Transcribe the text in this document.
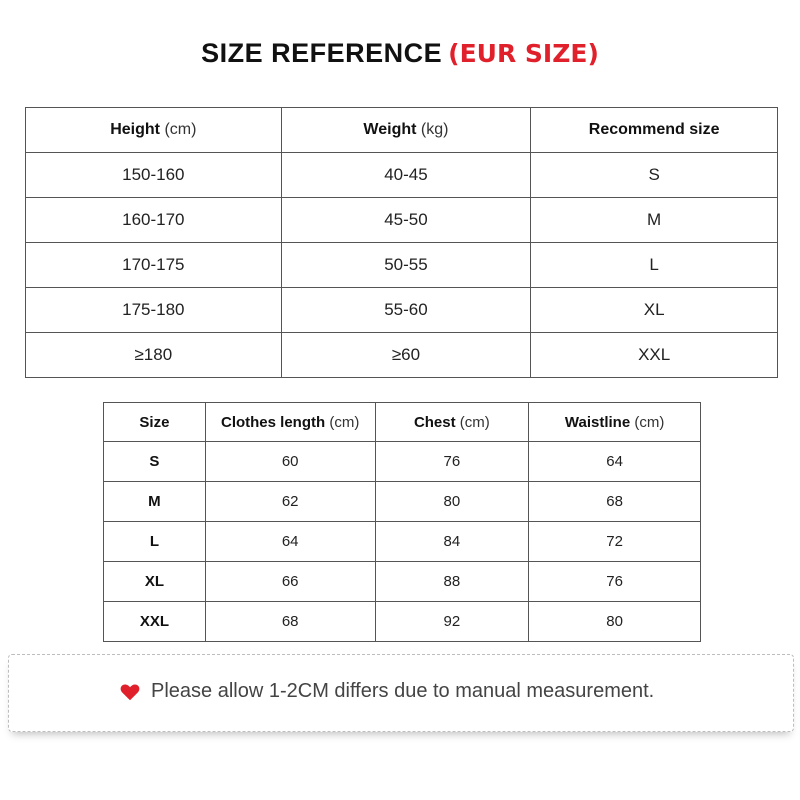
SIZE REFERENCE (EUR SIZE)
Height (cm)	Weight (kg)	Recommend size
150-160	40-45	S
160-170	45-50	M
170-175	50-55	L
175-180	55-60	XL
≥180	≥60	XXL
Size	Clothes length (cm)	Chest (cm)	Waistline (cm)
S	60	76	64
M	62	80	68
L	64	84	72
XL	66	88	76
XXL	68	92	80
Please allow 1-2CM differs due to manual measurement.
